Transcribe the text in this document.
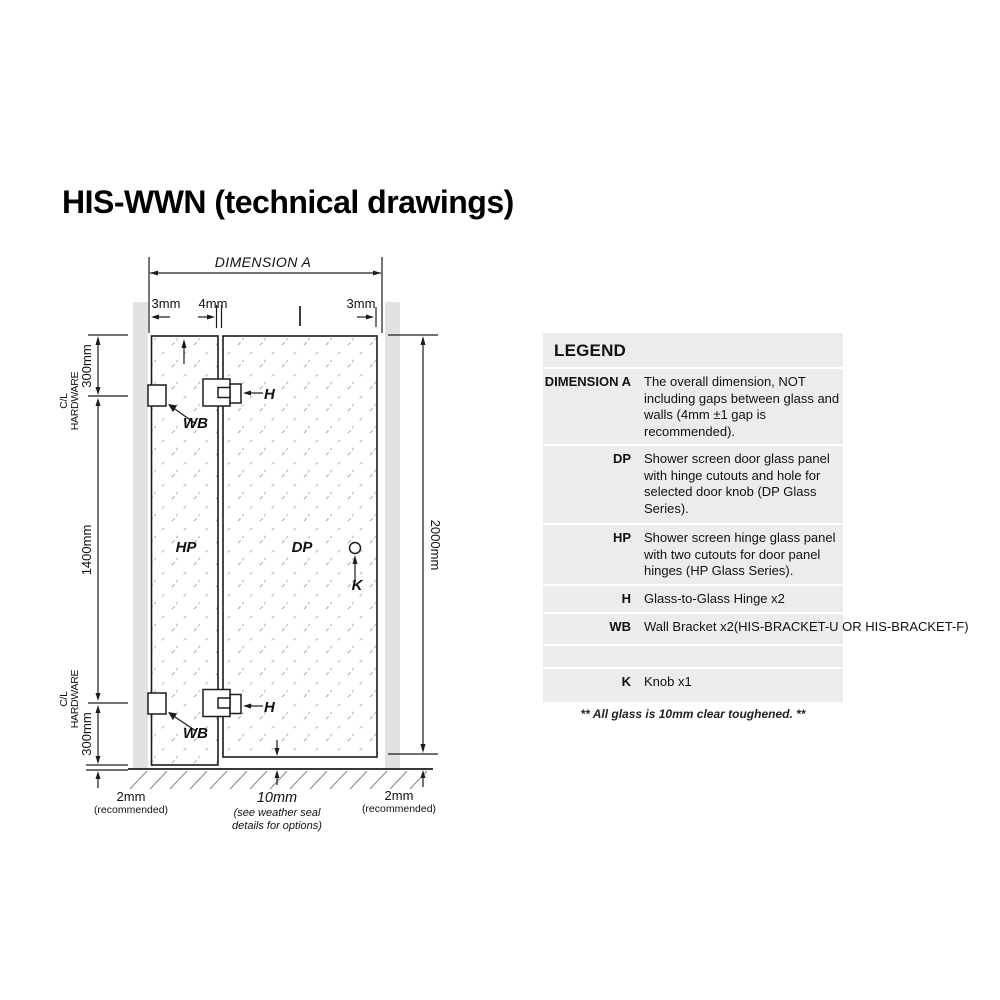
HIS-WWN (technical drawings)
DIMENSION A
3mm 4mm	3mm
300mm
1400mm
300mm
C/L HARDWARE
C/L HARDWARE
2000mm
WB
WB
H
H
K
HP	DP
10mm
(see weather seal
details for options)
2mm
(recommended)
2mm
(recommended)
LEGEND
DIMENSION A The overall dimension, NOT including gaps between glass and walls (4mm ±1 gap is recommended).
DP Shower screen door glass panel with hinge cutouts and hole for selected door knob (DP Glass Series).
HP Shower screen hinge glass panel with two cutouts for door panel hinges (HP Glass Series).
H Glass-to-Glass Hinge x2
WB Wall Bracket x2(HIS-BRACKET-U OR HIS-BRACKET-F)
K Knob x1
** All glass is 10mm clear toughened. **
